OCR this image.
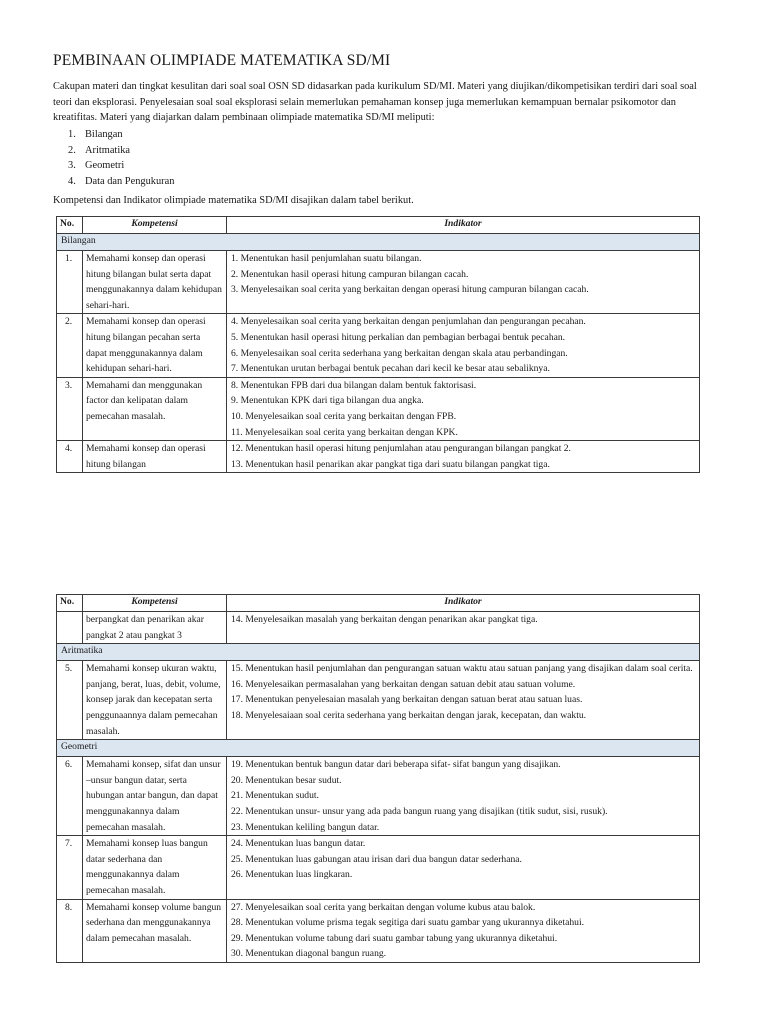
PEMBINAAN OLIMPIADE MATEMATIKA SD/MI
Cakupan materi dan tingkat kesulitan dari soal soal OSN SD didasarkan pada kurikulum SD/MI. Materi yang diujikan/dikompetisikan terdiri dari soal soal teori dan eksplorasi. Penyelesaian soal soal eksplorasi selain memerlukan pemahaman konsep juga memerlukan kemampuan bernalar psikomotor dan kreatifitas. Materi yang diajarkan dalam pembinaan olimpiade matematika SD/MI meliputi:
1. Bilangan
2. Aritmatika
3. Geometri
4. Data dan Pengukuran
Kompetensi dan Indikator olimpiade matematika SD/MI disajikan dalam tabel berikut.
No.	Kompetensi	Indikator
Bilangan		
1.	Memahami konsep dan operasi hitung bilangan bulat serta dapat menggunakannya dalam kehidupan sehari-hari.	1. Menentukan hasil penjumlahan suatu bilangan.
2. Menentukan hasil operasi hitung campuran bilangan cacah.
3. Menyelesaikan soal cerita yang berkaitan dengan operasi hitung campuran bilangan cacah.

2.	Memahami konsep dan operasi hitung bilangan pecahan serta dapat menggunakannya dalam kehidupan sehari-hari.	4. Menyelesaikan soal cerita yang berkaitan dengan penjumlahan dan pengurangan pecahan.
5. Menentukan hasil operasi hitung perkalian dan pembagian berbagai bentuk pecahan.
6. Menyelesaikan soal cerita sederhana yang berkaitan dengan skala atau perbandingan.
7. Menentukan urutan berbagai bentuk pecahan dari kecil ke besar atau sebaliknya.

3.	Memahami dan menggunakan factor dan kelipatan dalam pemecahan masalah.	8. Menentukan FPB dari dua bilangan dalam bentuk faktorisasi.
9. Menentukan KPK dari tiga bilangan dua angka.
10. Menyelesaikan soal cerita yang berkaitan dengan FPB.
11. Menyelesaikan soal cerita yang berkaitan dengan KPK.

4.	Memahami konsep dan operasi hitung bilangan	12. Menentukan hasil operasi hitung penjumlahan atau pengurangan bilangan pangkat 2.
13. Menentukan hasil penarikan akar pangkat tiga dari suatu bilangan pangkat tiga.
No.	Kompetensi	Indikator
	berpangkat dan penarikan akar pangkat 2 atau pangkat 3	14. Menyelesaikan masalah yang berkaitan dengan penarikan akar pangkat tiga.

Aritmatika		
5.	Memahami konsep ukuran waktu, panjang, berat, luas, debit, volume, konsep jarak dan kecepatan serta penggunaannya dalam pemecahan masalah.	15. Menentukan hasil penjumlahan dan pengurangan satuan waktu atau satuan panjang yang disajikan dalam soal cerita.
16. Menyelesaikan permasalahan yang berkaitan dengan satuan debit atau satuan volume.
17. Menentukan penyelesaian masalah yang berkaitan dengan satuan berat atau satuan luas.
18. Menyelesaiaan soal cerita sederhana yang berkaitan dengan jarak, kecepatan, dan waktu.

Geometri		
6.	Memahami konsep, sifat dan unsur –unsur bangun datar, serta hubungan antar bangun, dan dapat menggunakannya dalam pemecahan masalah.	19. Menentukan bentuk bangun datar dari beberapa sifat- sifat bangun yang disajikan.
20. Menentukan besar sudut.
21. Menentukan sudut.
22. Menentukan unsur- unsur yang ada pada bangun ruang yang disajikan (titik sudut, sisi, rusuk).
23. Menentukan keliling bangun datar.

7.	Memahami konsep luas bangun datar sederhana dan menggunakannya dalam pemecahan masalah.	24. Menentukan luas bangun datar.
25. Menentukan luas gabungan atau irisan dari dua bangun datar sederhana.
26. Menentukan luas lingkaran.

8.	Memahami konsep volume bangun sederhana dan menggunakannya dalam pemecahan masalah.	27. Menyelesaikan soal cerita yang berkaitan dengan volume kubus atau balok.
28. Menentukan volume prisma tegak segitiga dari suatu gambar yang ukurannya diketahui.
29. Menentukan volume tabung dari suatu gambar tabung yang ukurannya diketahui.
30. Menentukan diagonal bangun ruang.
